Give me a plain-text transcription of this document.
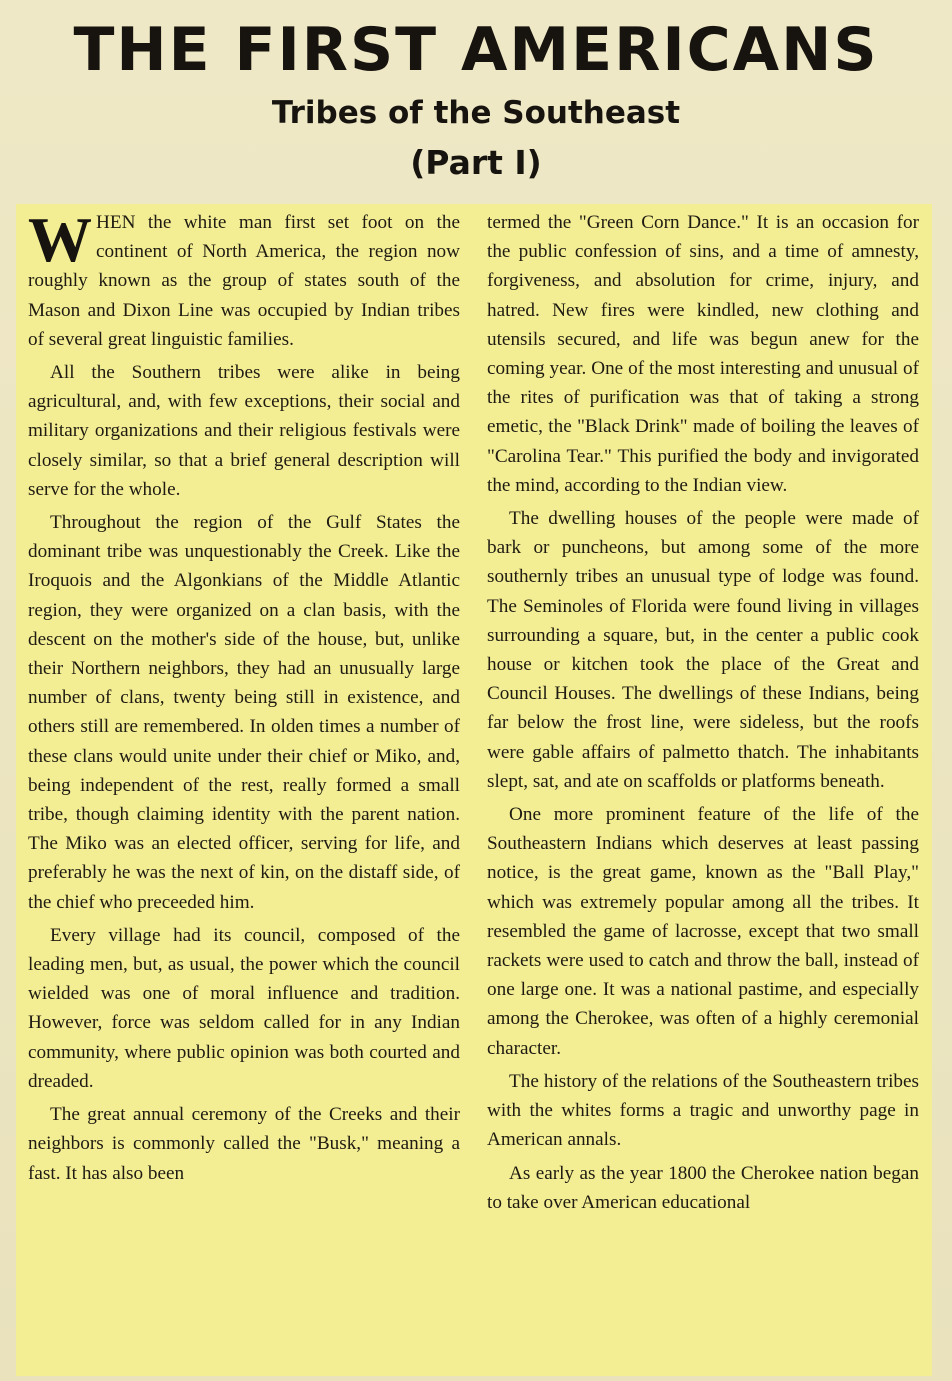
THE FIRST AMERICANS
Tribes of the Southeast
(Part I)

WHEN the white man first set foot on the continent of North America, the region now roughly known as the group of states south of the Mason and Dixon Line was occupied by Indian tribes of several great linguistic families.

All the Southern tribes were alike in being agricultural, and, with few exceptions, their social and military organizations and their religious festivals were closely similar, so that a brief general description will serve for the whole.

Throughout the region of the Gulf States the dominant tribe was unquestionably the Creek. Like the Iroquois and the Algonkians of the Middle Atlantic region, they were organized on a clan basis, with the descent on the mother's side of the house, but, unlike their Northern neighbors, they had an unusually large number of clans, twenty being still in existence, and others still are remembered. In olden times a number of these clans would unite under their chief or Miko, and, being independent of the rest, really formed a small tribe, though claiming identity with the parent nation. The Miko was an elected officer, serving for life, and preferably he was the next of kin, on the distaff side, of the chief who preceeded him.

Every village had its council, composed of the leading men, but, as usual, the power which the council wielded was one of moral influence and tradition. However, force was seldom called for in any Indian community, where public opinion was both courted and dreaded.

The great annual ceremony of the Creeks and their neighbors is commonly called the "Busk," meaning a fast. It has also been

termed the "Green Corn Dance." It is an occasion for the public confession of sins, and a time of amnesty, forgiveness, and absolution for crime, injury, and hatred. New fires were kindled, new clothing and utensils secured, and life was begun anew for the coming year. One of the most interesting and unusual of the rites of purification was that of taking a strong emetic, the "Black Drink" made of boiling the leaves of "Carolina Tear." This purified the body and invigorated the mind, according to the Indian view.

The dwelling houses of the people were made of bark or puncheons, but among some of the more southernly tribes an unusual type of lodge was found. The Seminoles of Florida were found living in villages surrounding a square, but, in the center a public cook house or kitchen took the place of the Great and Council Houses. The dwellings of these Indians, being far below the frost line, were sideless, but the roofs were gable affairs of palmetto thatch. The inhabitants slept, sat, and ate on scaffolds or platforms beneath.

One more prominent feature of the life of the Southeastern Indians which deserves at least passing notice, is the great game, known as the "Ball Play," which was extremely popular among all the tribes. It resembled the game of lacrosse, except that two small rackets were used to catch and throw the ball, instead of one large one. It was a national pastime, and especially among the Cherokee, was often of a highly ceremonial character.

The history of the relations of the Southeastern tribes with the whites forms a tragic and unworthy page in American annals.

As early as the year 1800 the Cherokee nation began to take over American educational
